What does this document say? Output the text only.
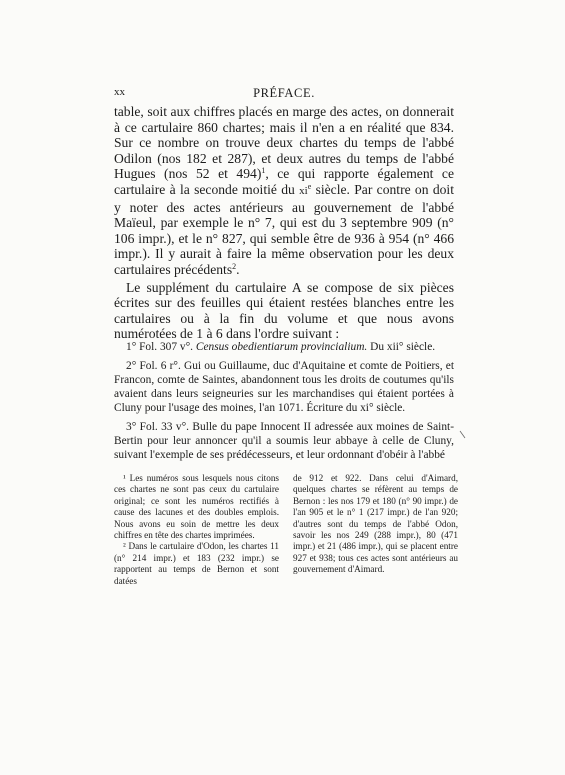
xx	PRÉFACE.

table, soit aux chiffres placés en marge des actes, on donnerait à ce cartulaire 860 chartes; mais il n'en a en réalité que 834. Sur ce nombre on trouve deux chartes du temps de l'abbé Odilon (nos 182 et 287), et deux autres du temps de l'abbé Hugues (nos 52 et 494)$^1$, ce qui rapporte également ce cartulaire à la seconde moitié du $xi^e$ siècle. Par contre on doit y noter des actes antérieurs au gouvernement de l'abbé Maïeul, par exemple le n° 7, qui est du 3 septembre 909 (n° 106 impr.), et le n° 827, qui semble être de 936 à 954 (n° 466 impr.). Il y aurait à faire la même observation pour les deux cartulaires précédents$^2$.

Le supplément du cartulaire A se compose de six pièces écrites sur des feuilles qui étaient restées blanches entre les cartulaires ou à la fin du volume et que nous avons numérotées de 1 à 6 dans l'ordre suivant :

1° Fol. 307 v°. Census obedientiarum provincialium. Du xii° siècle.

2° Fol. 6 r°. Gui ou Guillaume, duc d'Aquitaine et comte de Poitiers, et Francon, comte de Saintes, abandonnent tous les droits de coutumes qu'ils avaient dans leurs seigneuries sur les marchandises qui étaient portées à Cluny pour l'usage des moines, l'an 1071. Écriture du xi° siècle.

3° Fol. 33 v°. Bulle du pape Innocent II adressée aux moines de Saint-Bertin pour leur annoncer qu'il a soumis leur abbaye à celle de Cluny, suivant l'exemple de ses prédécesseurs, et leur ordonnant d'obéir à l'abbé

¹ Les numéros sous lesquels nous citons ces chartes ne sont pas ceux du cartulaire original; ce sont les numéros rectifiés à cause des lacunes et des doubles emplois. Nous avons eu soin de mettre les deux chiffres en tête des chartes imprimées.

² Dans le cartulaire d'Odon, les chartes 11 (n° 214 impr.) et 183 (232 impr.) se rapportent au temps de Bernon et sont datées

de 912 et 922. Dans celui d'Aimard, quelques chartes se réfèrent au temps de Bernon : les nos 179 et 180 (n° 90 impr.) de l'an 905 et le n° 1 (217 impr.) de l'an 920; d'autres sont du temps de l'abbé Odon, savoir les nos 249 (288 impr.), 80 (471 impr.) et 21 (486 impr.), qui se placent entre 927 et 938; tous ces actes sont antérieurs au gouvernement d'Aimard.
